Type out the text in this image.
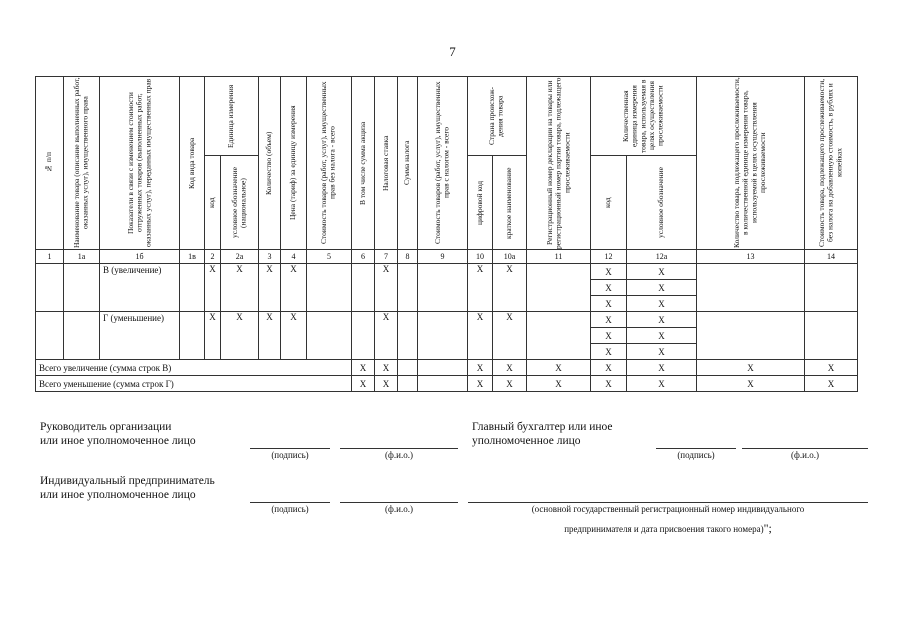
7
№ п/п	Наименование товара (описание выполненных работ, оказанных услуг), имущественного права	Показатели в связи с изменением стоимости отгруженных товаров (выполненных работ, оказанных услуг), переданных имущественных прав	Код вида товара	Единица измерения		Количество (объем)	Цена (тариф) за единицу измерения	Стоимость товаров (работ, услуг), имущественных прав без налога - всего	В том числе сумма акциза	Налоговая ставка	Сумма налога	Стоимость товаров (работ, услуг), имущественных прав с налогом - всего	Страна происхож-дения товара		Регистрационный номер декларации на товары или регистрационный номер партии товара, подлежащего прослеживаемости	Количественная единица измерения товара, используемая в целях осуществления прослеживаемости		Количество товара, подлежащего прослеживаемости, в количественной единице измерения товара, используемой в целях осуществления прослеживаемости	Стоимость товара, подлежащего прослеживаемости, без налога на добавленную стоимость, в рублях и копейках

				код	условное обозначение (национальное)								цифровой код	краткое наименование		код	условное обозначение		

1	1а	1б	1в	2	2а	3	4	5	6	7	8	9	10	10а	11	12	12а	13	14
		В (увеличение)		X	X	X	X			X			X	X		X	X		
																X	X		
																X	X		
		Г (уменьшение)		X	X	X	X			X			X	X		X	X		
																X	X		
																X	X		
Всего увеличение (сумма строк В)									X	X			X	X	X	X	X	X	X
Всего уменьшение (сумма строк Г)									X	X			X	X	X	X	X	X	X
Руководитель организации
или иное уполномоченное лицо
(подпись)	(ф.и.о.)
Главный бухгалтер или иное
уполномоченное лицо
(подпись)	(ф.и.о.)
Индивидуальный предприниматель
или иное уполномоченное лицо
(подпись)	(ф.и.о.)	(основной государственный регистрационный номер индивидуального
предпринимателя и дата присвоения такого номера)";
